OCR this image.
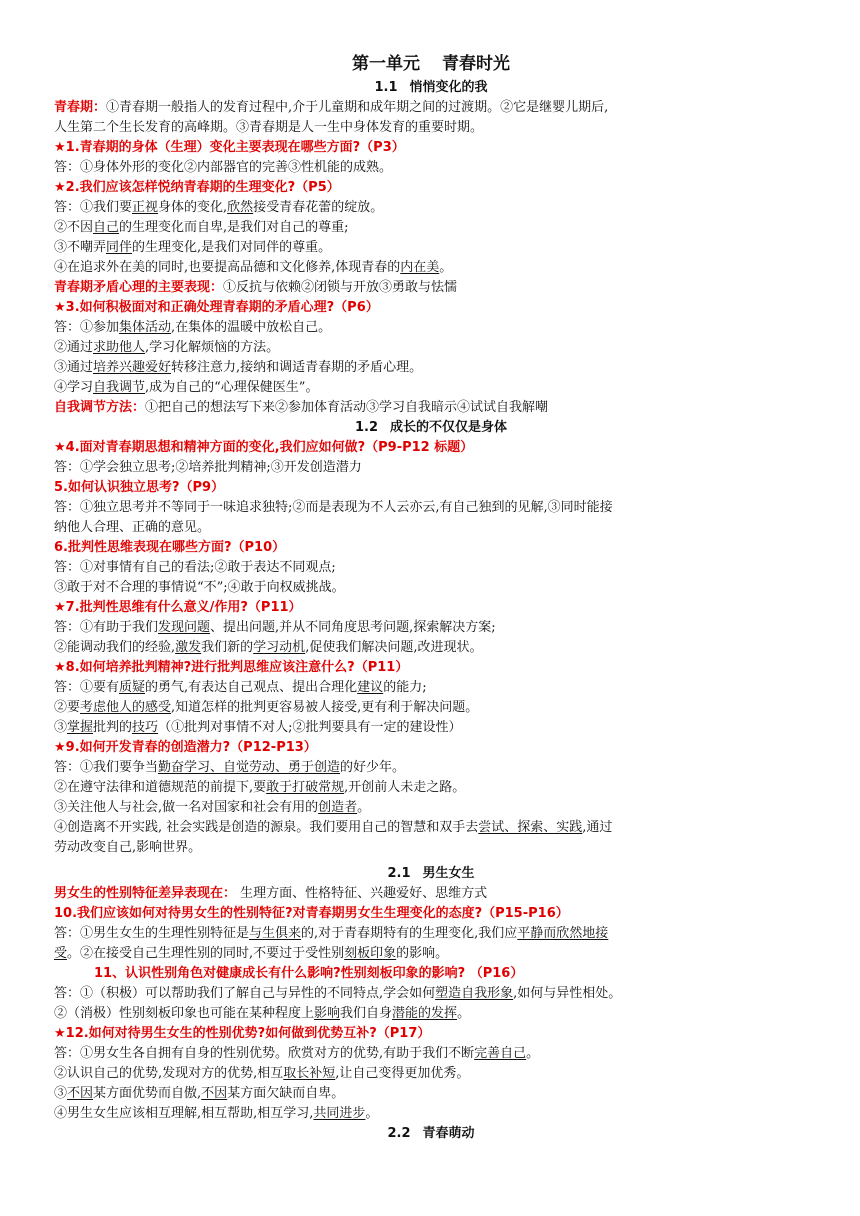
第一单元 青春时光

1.1 悄悄变化的我

青春期：①青春期一般指人的发育过程中,介于儿童期和成年期之间的过渡期。②它是继婴儿期后,

人生第二个生长发育的高峰期。③青春期是人一生中身体发育的重要时期。

★1.青春期的身体（生理）变化主要表现在哪些方面?（P3）

答：①身体外形的变化②内部器官的完善③性机能的成熟。

★2.我们应该怎样悦纳青春期的生理变化?（P5）

答：①我们要正视身体的变化,欣然接受青春花蕾的绽放。

②不因自己的生理变化而自卑,是我们对自己的尊重;

③不嘲弄同伴的生理变化,是我们对同伴的尊重。

④在追求外在美的同时,也要提高品德和文化修养,体现青春的内在美。

青春期矛盾心理的主要表现：①反抗与依赖②闭锁与开放③勇敢与怯懦

★3.如何积极面对和正确处理青春期的矛盾心理?（P6）

答：①参加集体活动,在集体的温暖中放松自己。

②通过求助他人,学习化解烦恼的方法。

③通过培养兴趣爱好转移注意力,接纳和调适青春期的矛盾心理。

④学习自我调节,成为自己的“心理保健医生”。

自我调节方法：①把自己的想法写下来②参加体育活动③学习自我暗示④试试自我解嘲

1.2 成长的不仅仅是身体

★4.面对青春期思想和精神方面的变化,我们应如何做?（P9-P12 标题）

答：①学会独立思考;②培养批判精神;③开发创造潜力

5.如何认识独立思考?（P9）

答：①独立思考并不等同于一味追求独特;②而是表现为不人云亦云,有自己独到的见解,③同时能接

纳他人合理、正确的意见。

6.批判性思维表现在哪些方面?（P10）

答：①对事情有自己的看法;②敢于表达不同观点;

③敢于对不合理的事情说“不”;④敢于向权威挑战。

★7.批判性思维有什么意义/作用?（P11）

答：①有助于我们发现问题、提出问题,并从不同角度思考问题,探索解决方案;

②能调动我们的经验,激发我们新的学习动机,促使我们解决问题,改进现状。

★8.如何培养批判精神?进行批判思维应该注意什么?（P11）

答：①要有质疑的勇气,有表达自己观点、提出合理化建议的能力;

②要考虑他人的感受,知道怎样的批判更容易被人接受,更有利于解决问题。

③掌握批判的技巧（①批判对事情不对人;②批判要具有一定的建设性）

★9.如何开发青春的创造潜力?（P12-P13）

答：①我们要争当勤奋学习、自觉劳动、勇于创造的好少年。

②在遵守法律和道德规范的前提下,要敢于打破常规,开创前人未走之路。

③关注他人与社会,做一名对国家和社会有用的创造者。

④创造离不开实践, 社会实践是创造的源泉。我们要用自己的智慧和双手去尝试、探索、实践,通过

劳动改变自己,影响世界。

2.1 男生女生

男女生的性别特征差异表现在： 生理方面、性格特征、兴趣爱好、思维方式

10.我们应该如何对待男女生的性别特征?对青春期男女生生理变化的态度?（P15-P16）

答：①男生女生的生理性别特征是与生俱来的,对于青春期特有的生理变化,我们应平静而欣然地接

受。②在接受自己生理性别的同时,不要过于受性别刻板印象的影响。

11、认识性别角色对健康成长有什么影响?性别刻板印象的影响? （P16）

答：①（积极）可以帮助我们了解自己与异性的不同特点,学会如何塑造自我形象,如何与异性相处。

②（消极）性别刻板印象也可能在某种程度上影响我们自身潜能的发挥。

★12.如何对待男生女生的性别优势?如何做到优势互补?（P17）

答：①男女生各自拥有自身的性别优势。欣赏对方的优势,有助于我们不断完善自己。

②认识自己的优势,发现对方的优势,相互取长补短,让自己变得更加优秀。

③不因某方面优势而自傲,不因某方面欠缺而自卑。

④男生女生应该相互理解,相互帮助,相互学习,共同进步。

2.2 青春萌动
